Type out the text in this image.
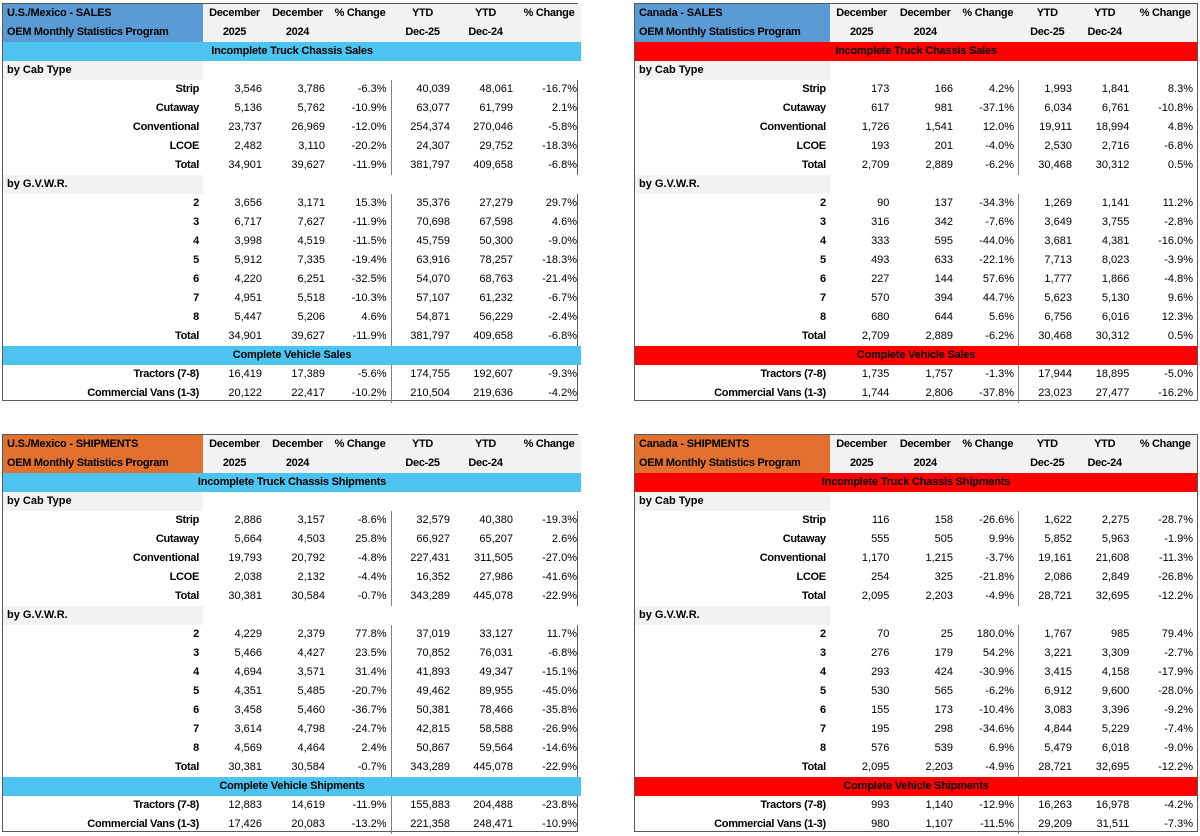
U.S./Mexico - SALES	December	December	% Change	YTD	YTD	% Change
OEM Monthly Statistics Program	2025	2024		Dec-25	Dec-24	
Incomplete Truck Chassis Sales						
by Cab Type						
Strip	3,546	3,786	-6.3%	40,039	48,061	-16.7%
Cutaway	5,136	5,762	-10.9%	63,077	61,799	2.1%
Conventional	23,737	26,969	-12.0%	254,374	270,046	-5.8%
LCOE	2,482	3,110	-20.2%	24,307	29,752	-18.3%
Total	34,901	39,627	-11.9%	381,797	409,658	-6.8%
by G.V.W.R.						
2	3,656	3,171	15.3%	35,376	27,279	29.7%
3	6,717	7,627	-11.9%	70,698	67,598	4.6%
4	3,998	4,519	-11.5%	45,759	50,300	-9.0%
5	5,912	7,335	-19.4%	63,916	78,257	-18.3%
6	4,220	6,251	-32.5%	54,070	68,763	-21.4%
7	4,951	5,518	-10.3%	57,107	61,232	-6.7%
8	5,447	5,206	4.6%	54,871	56,229	-2.4%
Total	34,901	39,627	-11.9%	381,797	409,658	-6.8%
Complete Vehicle Sales						
Tractors (7-8)	16,419	17,389	-5.6%	174,755	192,607	-9.3%
Commercial Vans (1-3)	20,122	22,417	-10.2%	210,504	219,636	-4.2%
Canada - SALES	December	December	% Change	YTD	YTD	% Change
OEM Monthly Statistics Program	2025	2024		Dec-25	Dec-24	
Incomplete Truck Chassis Sales						
by Cab Type						
Strip	173	166	4.2%	1,993	1,841	8.3%
Cutaway	617	981	-37.1%	6,034	6,761	-10.8%
Conventional	1,726	1,541	12.0%	19,911	18,994	4.8%
LCOE	193	201	-4.0%	2,530	2,716	-6.8%
Total	2,709	2,889	-6.2%	30,468	30,312	0.5%
by G.V.W.R.						
2	90	137	-34.3%	1,269	1,141	11.2%
3	316	342	-7.6%	3,649	3,755	-2.8%
4	333	595	-44.0%	3,681	4,381	-16.0%
5	493	633	-22.1%	7,713	8,023	-3.9%
6	227	144	57.6%	1,777	1,866	-4.8%
7	570	394	44.7%	5,623	5,130	9.6%
8	680	644	5.6%	6,756	6,016	12.3%
Total	2,709	2,889	-6.2%	30,468	30,312	0.5%
Complete Vehicle Sales						
Tractors (7-8)	1,735	1,757	-1.3%	17,944	18,895	-5.0%
Commercial Vans (1-3)	1,744	2,806	-37.8%	23,023	27,477	-16.2%
U.S./Mexico - SHIPMENTS	December	December	% Change	YTD	YTD	% Change
OEM Monthly Statistics Program	2025	2024		Dec-25	Dec-24	
Incomplete Truck Chassis Shipments						
by Cab Type						
Strip	2,886	3,157	-8.6%	32,579	40,380	-19.3%
Cutaway	5,664	4,503	25.8%	66,927	65,207	2.6%
Conventional	19,793	20,792	-4.8%	227,431	311,505	-27.0%
LCOE	2,038	2,132	-4.4%	16,352	27,986	-41.6%
Total	30,381	30,584	-0.7%	343,289	445,078	-22.9%
by G.V.W.R.						
2	4,229	2,379	77.8%	37,019	33,127	11.7%
3	5,466	4,427	23.5%	70,852	76,031	-6.8%
4	4,694	3,571	31.4%	41,893	49,347	-15.1%
5	4,351	5,485	-20.7%	49,462	89,955	-45.0%
6	3,458	5,460	-36.7%	50,381	78,466	-35.8%
7	3,614	4,798	-24.7%	42,815	58,588	-26.9%
8	4,569	4,464	2.4%	50,867	59,564	-14.6%
Total	30,381	30,584	-0.7%	343,289	445,078	-22.9%
Complete Vehicle Shipments						
Tractors (7-8)	12,883	14,619	-11.9%	155,883	204,488	-23.8%
Commercial Vans (1-3)	17,426	20,083	-13.2%	221,358	248,471	-10.9%
Canada - SHIPMENTS	December	December	% Change	YTD	YTD	% Change
OEM Monthly Statistics Program	2025	2024		Dec-25	Dec-24	
Incomplete Truck Chassis Shipments						
by Cab Type						
Strip	116	158	-26.6%	1,622	2,275	-28.7%
Cutaway	555	505	9.9%	5,852	5,963	-1.9%
Conventional	1,170	1,215	-3.7%	19,161	21,608	-11.3%
LCOE	254	325	-21.8%	2,086	2,849	-26.8%
Total	2,095	2,203	-4.9%	28,721	32,695	-12.2%
by G.V.W.R.						
2	70	25	180.0%	1,767	985	79.4%
3	276	179	54.2%	3,221	3,309	-2.7%
4	293	424	-30.9%	3,415	4,158	-17.9%
5	530	565	-6.2%	6,912	9,600	-28.0%
6	155	173	-10.4%	3,083	3,396	-9.2%
7	195	298	-34.6%	4,844	5,229	-7.4%
8	576	539	6.9%	5,479	6,018	-9.0%
Total	2,095	2,203	-4.9%	28,721	32,695	-12.2%
Complete Vehicle Shipments						
Tractors (7-8)	993	1,140	-12.9%	16,263	16,978	-4.2%
Commercial Vans (1-3)	980	1,107	-11.5%	29,209	31,511	-7.3%
